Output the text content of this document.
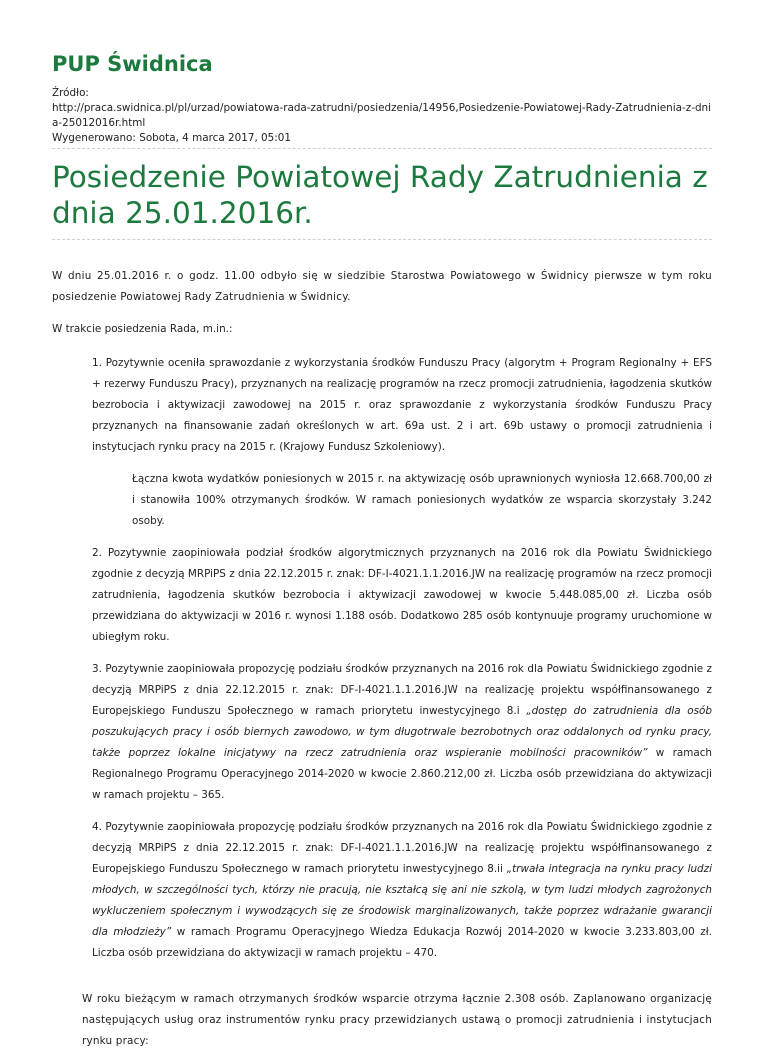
PUP Świdnica
Źródło:
http://praca.swidnica.pl/pl/urzad/powiatowa-rada-zatrudni/posiedzenia/14956,Posiedzenie-Powiatowej-Rady-Zatrudnienia-z-dnia-25012016r.html
Wygenerowano: Sobota, 4 marca 2017, 05:01
Posiedzenie Powiatowej Rady Zatrudnienia z dnia 25.01.2016r.

W dniu 25.01.2016 r. o godz. 11.00 odbyło się w siedzibie Starostwa Powiatowego w Świdnicy pierwsze w tym roku posiedzenie Powiatowej Rady Zatrudnienia w Świdnicy.

W trakcie posiedzenia Rada, m.in.:

1. Pozytywnie oceniła sprawozdanie z wykorzystania środków Funduszu Pracy (algorytm + Program Regionalny + EFS + rezerwy Funduszu Pracy), przyznanych na realizację programów na rzecz promocji zatrudnienia, łagodzenia skutków bezrobocia i aktywizacji zawodowej na 2015 r. oraz sprawozdanie z wykorzystania środków Funduszu Pracy przyznanych na finansowanie zadań określonych w art. 69a ust. 2 i art. 69b ustawy o promocji zatrudnienia i instytucjach rynku pracy na 2015 r. (Krajowy Fundusz Szkoleniowy).

Łączna kwota wydatków poniesionych w 2015 r. na aktywizację osób uprawnionych wyniosła 12.668.700,00 zł i stanowiła 100% otrzymanych środków. W ramach poniesionych wydatków ze wsparcia skorzystały 3.242 osoby.

2. Pozytywnie zaopiniowała podział środków algorytmicznych przyznanych na 2016 rok dla Powiatu Świdnickiego zgodnie z decyzją MRPiPS z dnia 22.12.2015 r. znak: DF-I-4021.1.1.2016.JW na realizację programów na rzecz promocji zatrudnienia, łagodzenia skutków bezrobocia i aktywizacji zawodowej w kwocie 5.448.085,00 zł. Liczba osób przewidziana do aktywizacji w 2016 r. wynosi 1.188 osób. Dodatkowo 285 osób kontynuuje programy uruchomione w ubiegłym roku.

3. Pozytywnie zaopiniowała propozycję podziału środków przyznanych na 2016 rok dla Powiatu Świdnickiego zgodnie z decyzją MRPiPS z dnia 22.12.2015 r. znak: DF-I-4021.1.1.2016.JW na realizację projektu współfinansowanego z Europejskiego Funduszu Społecznego w ramach priorytetu inwestycyjnego 8.i „dostęp do zatrudnienia dla osób poszukujących pracy i osób biernych zawodowo, w tym długotrwale bezrobotnych oraz oddalonych od rynku pracy, także poprzez lokalne inicjatywy na rzecz zatrudnienia oraz wspieranie mobilności pracowników” w ramach Regionalnego Programu Operacyjnego 2014-2020 w kwocie 2.860.212,00 zł. Liczba osób przewidziana do aktywizacji w ramach projektu – 365.

4. Pozytywnie zaopiniowała propozycję podziału środków przyznanych na 2016 rok dla Powiatu Świdnickiego zgodnie z decyzją MRPiPS z dnia 22.12.2015 r. znak: DF-I-4021.1.1.2016.JW na realizację projektu współfinansowanego z Europejskiego Funduszu Społecznego w ramach priorytetu inwestycyjnego 8.ii „trwała integracja na rynku pracy ludzi młodych, w szczególności tych, którzy nie pracują, nie kształcą się ani nie szkolą, w tym ludzi młodych zagrożonych wykluczeniem społecznym i wywodzących się ze środowisk marginalizowanych, także poprzez wdrażanie gwarancji dla młodzieży” w ramach Programu Operacyjnego Wiedza Edukacja Rozwój 2014-2020 w kwocie 3.233.803,00 zł. Liczba osób przewidziana do aktywizacji w ramach projektu – 470.

W roku bieżącym w ramach otrzymanych środków wsparcie otrzyma łącznie 2.308 osób. Zaplanowano organizację następujących usług oraz instrumentów rynku pracy przewidzianych ustawą o promocji zatrudnienia i instytucjach rynku pracy:
